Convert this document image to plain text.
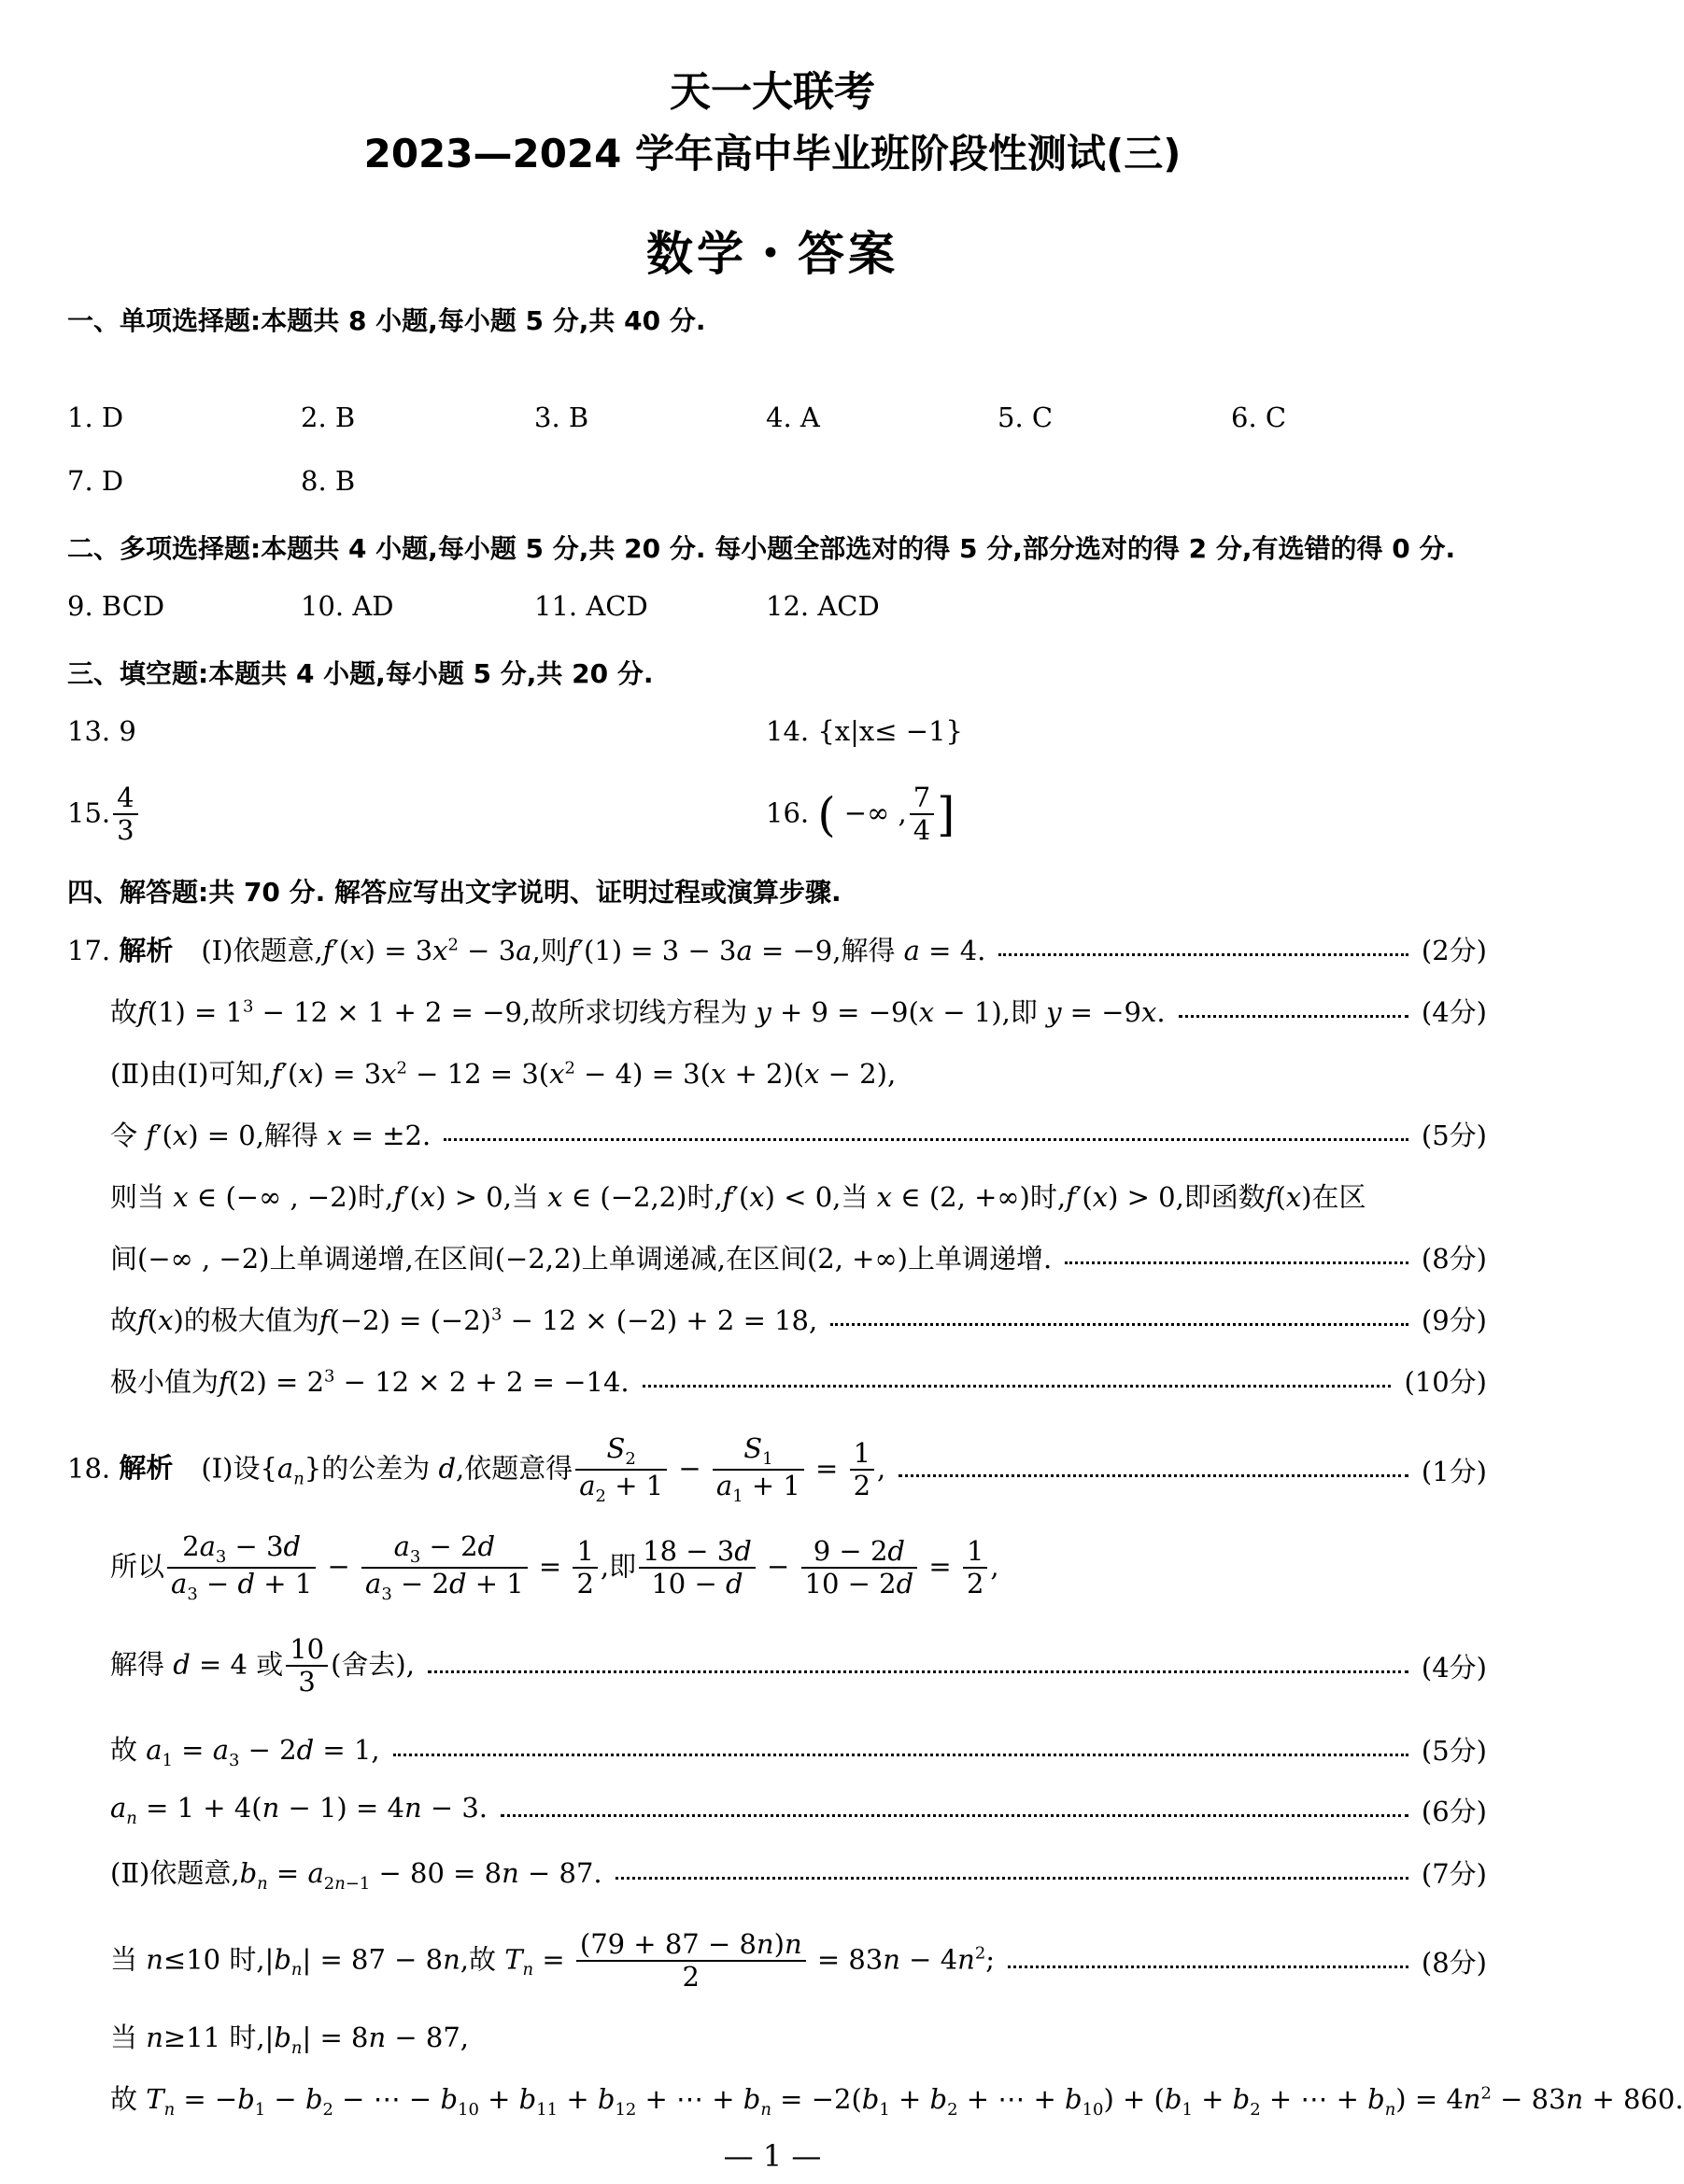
天一大联考
2023—2024 学年高中毕业班阶段性测试(三)
数学・答案
一、单项选择题:本题共 8 小题,每小题 5 分,共 40 分.
1. D	2. B	3. B	4. A	5. C	6. C
7. D	8. B
二、多项选择题:本题共 4 小题,每小题 5 分,共 20 分. 每小题全部选对的得 5 分,部分选对的得 2 分,有选错的得 0 分.
9. BCD	10. AD	11. ACD	12. ACD
三、填空题:本题共 4 小题,每小题 5 分,共 20 分.
13. 9	14. {x|x≤ −1}
15. $\frac{4}{3}$	16. ( −∞ , $\frac{7}{4}$ ]
四、解答题:共 70 分. 解答应写出文字说明、证明过程或演算步骤.
17. 解析 (Ⅰ)依题意$,f'(x) = 3x^2 - 3a$,则f′(1) = 3 − 3a = −9,解得 a = 4.	(2分)
故$f(1) = 1^3 - 12 \times 1 + 2 = -9$,故所求切线方程为 y + 9 = −9(x − 1),即 y = −9x.	(4分)
(Ⅱ)由(Ⅰ)可知$,f'(x) = 3x^2 - 12 = 3(x^2 - 4) = 3(x + 2)(x - 2)$,
令 f′(x) = 0,解得 x = ±2.	(5分)
则当 x ∈ (−∞ , −2)时,f′(x) > 0,当 x ∈ (−2,2)时,f′(x) < 0,当 x ∈ (2, +∞)时,f′(x) > 0,即函数f(x)在区
间(−∞ , −2)上单调递增,在区间(−2,2)上单调递减,在区间(2, +∞)上单调递增.	(8分)
故f(x)的极大值为$f(-2) = (-2)^3 - 12 \times (-2) + 2 = 18$,	(9分)
极小值为$f(2) = 2^3 - 12 \times 2 + 2 = -14$.	(10分)
18. 解析 (Ⅰ)设$\{a_n\}$的公差为 d,依题意得 $\frac{S_2}{a_2 + 1} - \frac{S_1}{a_1 + 1} = \frac{1}{2}$ ,	(1分)
所以 $\frac{2a_3 - 3d}{a_3 - d + 1} - \frac{a_3 - 2d}{a_3 - 2d + 1} = \frac{1}{2}$ ,即 $\frac{18 - 3d}{10 - d} - \frac{9 - 2d}{10 - 2d} = \frac{1}{2}$ ,
解得 d = 4 或 $\frac{10}{3}$ (舍去),	(4分)
故 $a_1 = a_3 - 2d = 1$,	(5分)
$a_n = 1 + 4(n - 1) = 4n - 3$.	(6分)
(Ⅱ)依题意$,b_n = a_{2n-1} - 80 = 8n - 87$.	(7分)
当 n≤10 时$,|b_n| = 87 - 8n$,故 $T_n = \frac{(79 + 87 - 8n)n}{2} = 83n - 4n^2$;	(8分)
当 n≥11 时$,|b_n| = 8n - 87$,
故 $T_n = -b_1 - b_2$ − ⋯ − $b_{10} + b_{11} + b_{12}$ + ⋯ + $b_n = -2(b_1 + b_2$ + ⋯ + $b_{10}) + (b_1 + b_2$ + ⋯ + $b_n) = 4n^2 - 83n + 860$.
— 1 —
